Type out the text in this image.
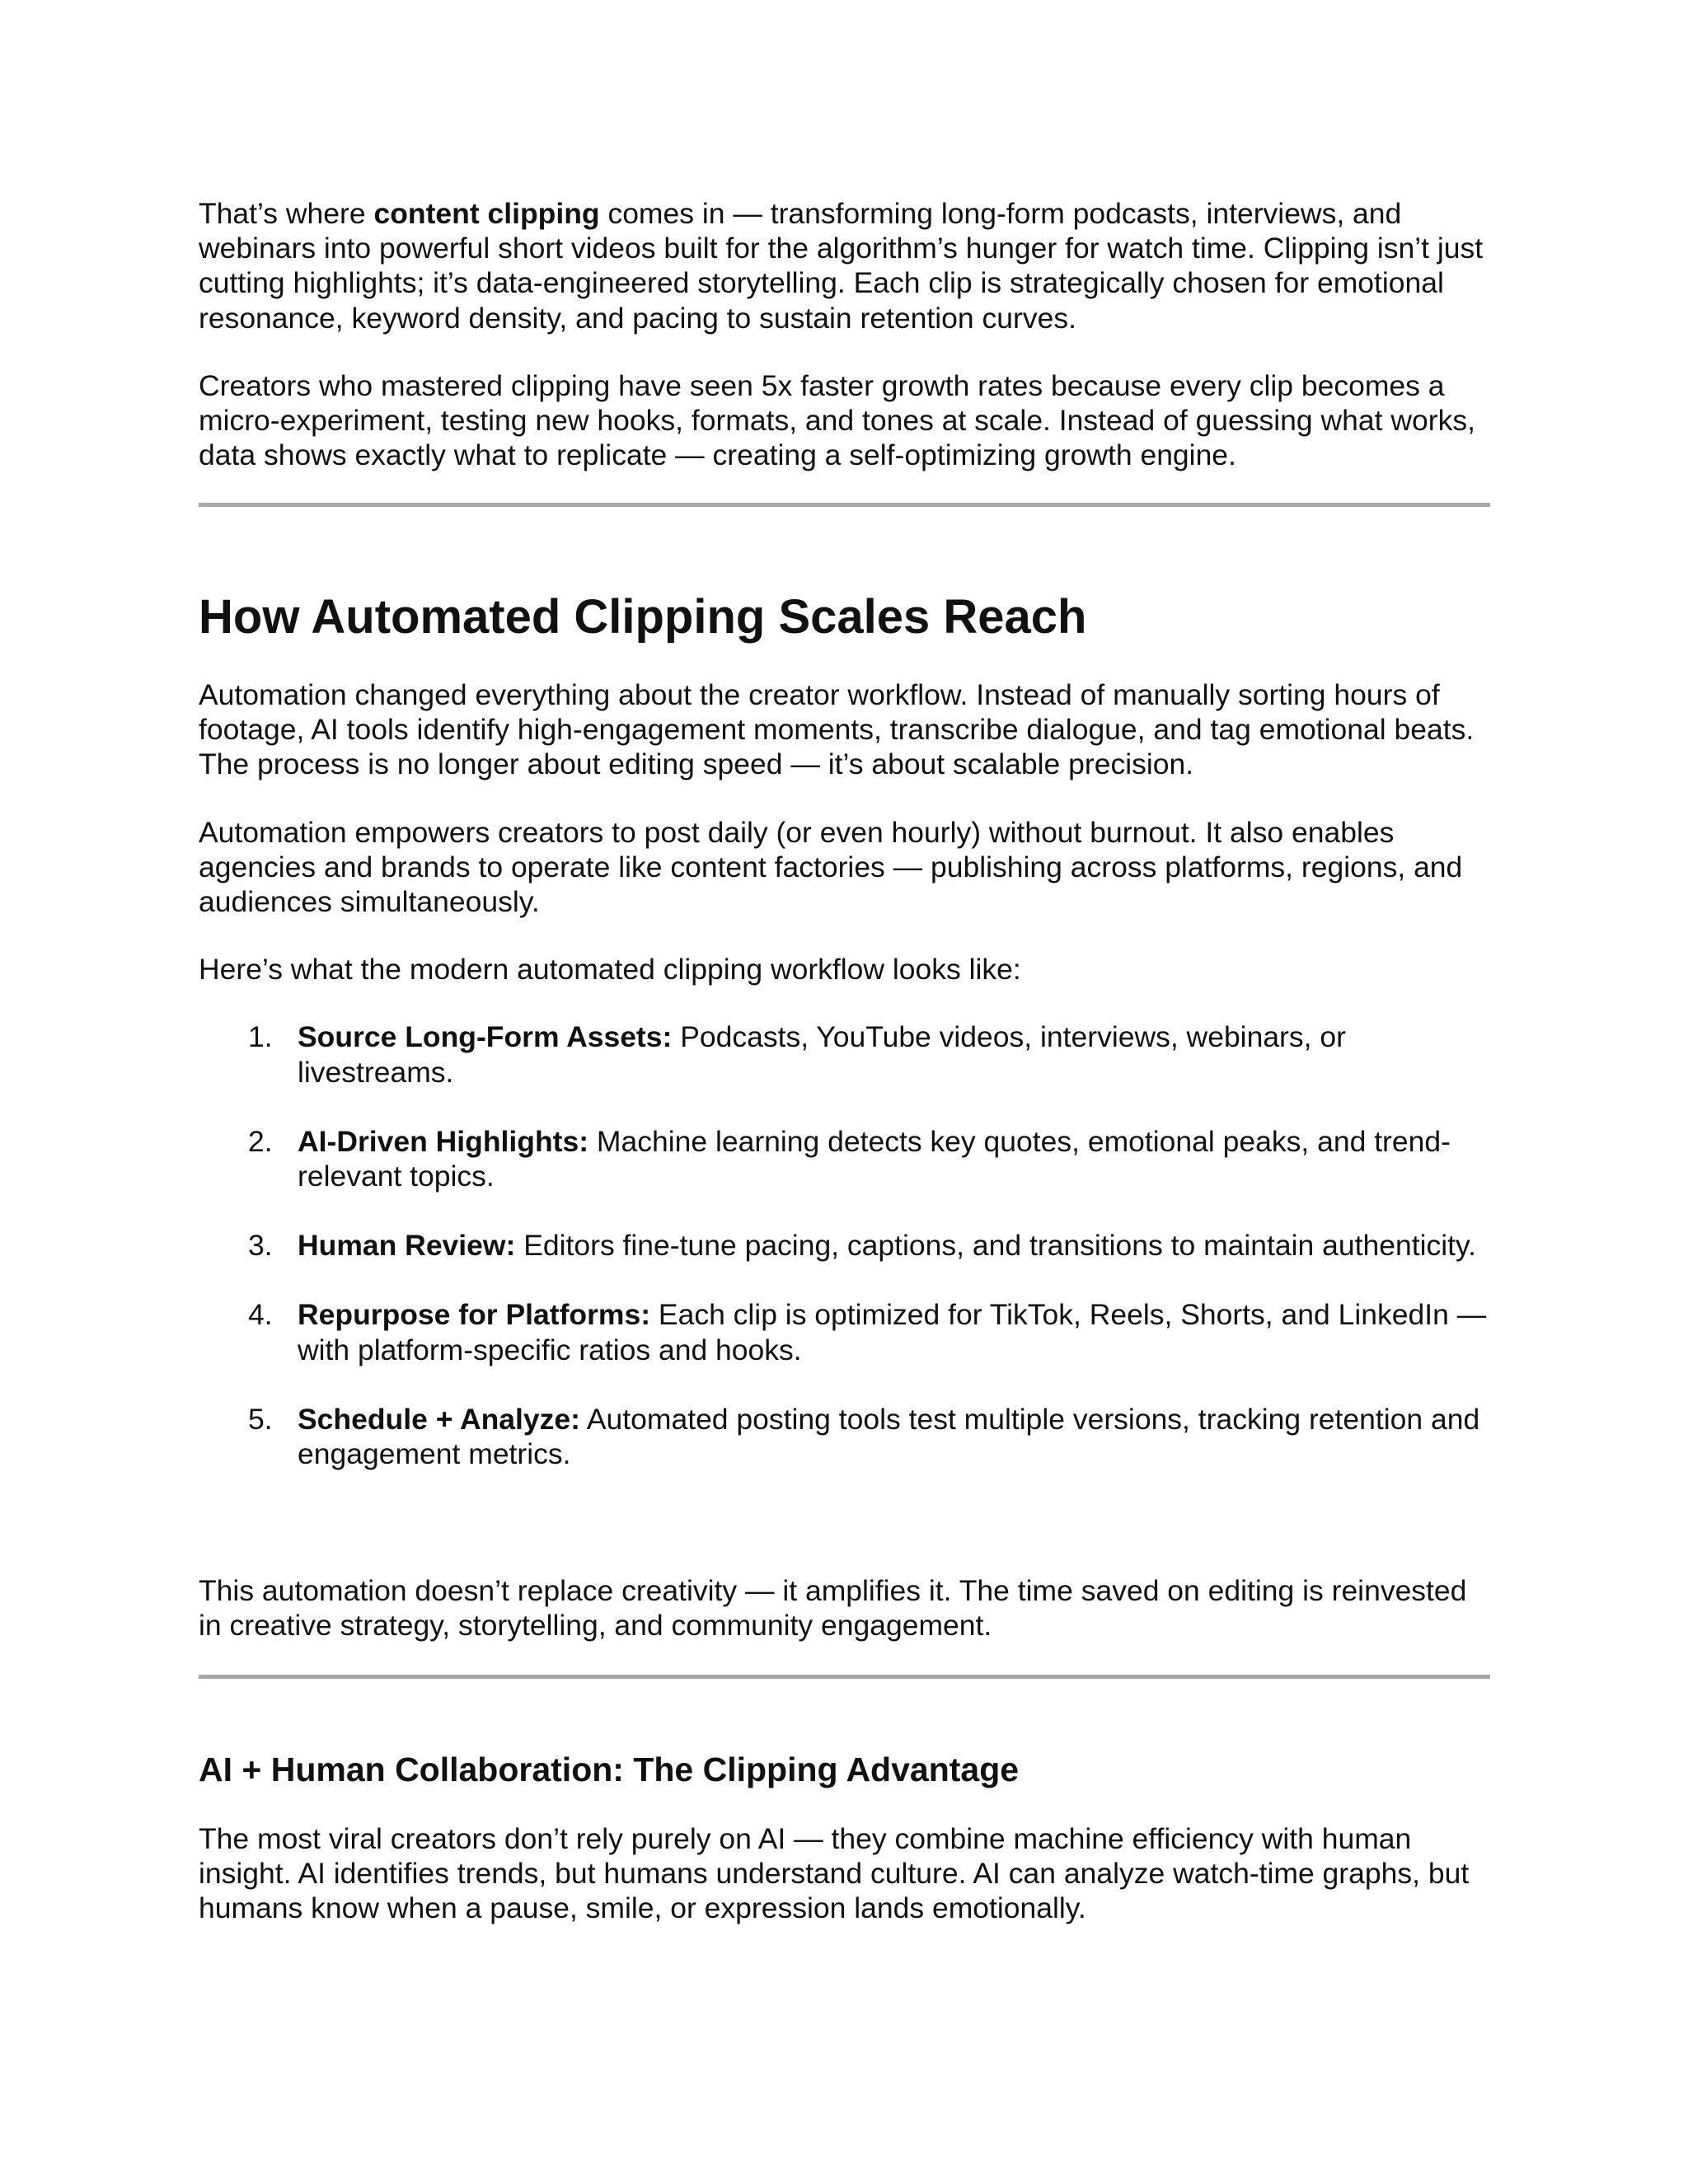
That’s where content clipping comes in — transforming long-form podcasts, interviews, and webinars into powerful short videos built for the algorithm’s hunger for watch time. Clipping isn’t just cutting highlights; it’s data-engineered storytelling. Each clip is strategically chosen for emotional resonance, keyword density, and pacing to sustain retention curves.

Creators who mastered clipping have seen 5x faster growth rates because every clip becomes a micro-experiment, testing new hooks, formats, and tones at scale. Instead of guessing what works, data shows exactly what to replicate — creating a self-optimizing growth engine.

How Automated Clipping Scales Reach

Automation changed everything about the creator workflow. Instead of manually sorting hours of footage, AI tools identify high-engagement moments, transcribe dialogue, and tag emotional beats. The process is no longer about editing speed — it’s about scalable precision.

Automation empowers creators to post daily (or even hourly) without burnout. It also enables agencies and brands to operate like content factories — publishing across platforms, regions, and audiences simultaneously.

Here’s what the modern automated clipping workflow looks like:

1. Source Long-Form Assets: Podcasts, YouTube videos, interviews, webinars, or livestreams.
2. AI-Driven Highlights: Machine learning detects key quotes, emotional peaks, and trend-relevant topics.
3. Human Review: Editors fine-tune pacing, captions, and transitions to maintain authenticity.
4. Repurpose for Platforms: Each clip is optimized for TikTok, Reels, Shorts, and LinkedIn — with platform-specific ratios and hooks.
5. Schedule + Analyze: Automated posting tools test multiple versions, tracking retention and engagement metrics.

This automation doesn’t replace creativity — it amplifies it. The time saved on editing is reinvested in creative strategy, storytelling, and community engagement.

AI + Human Collaboration: The Clipping Advantage

The most viral creators don’t rely purely on AI — they combine machine efficiency with human insight. AI identifies trends, but humans understand culture. AI can analyze watch-time graphs, but humans know when a pause, smile, or expression lands emotionally.
